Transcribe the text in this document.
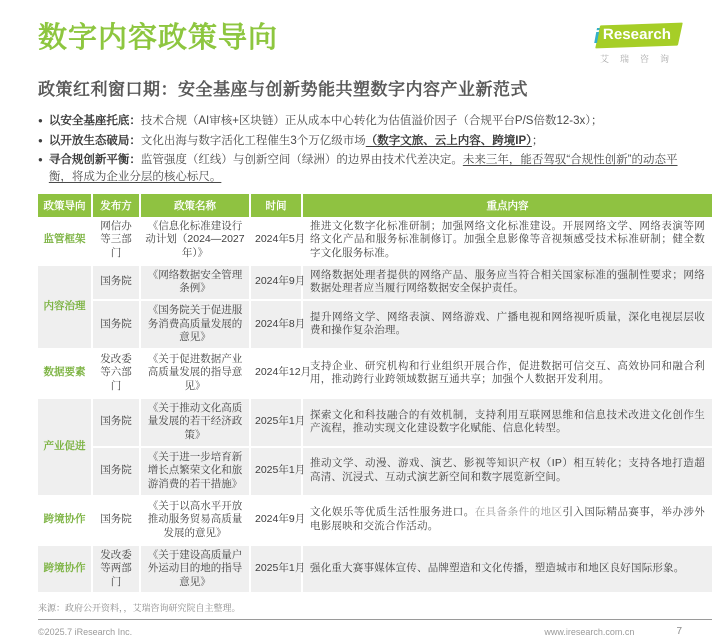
数字内容政策导向	i Research
艾瑞咨询
政策红利窗口期：安全基座与创新势能共塑数字内容产业新范式
● 以安全基座托底：技术合规（AI审核+区块链）正从成本中心转化为估值溢价因子（合规平台P/S倍数12-3x）；
● 以开放生态破局：文化出海与数字活化工程催生3个万亿级市场（数字文旅、云上内容、跨境IP）；
● 寻合规创新平衡：监管强度（红线）与创新空间（绿洲）的边界由技术代差决定。未来三年，能否驾驭“合规性创新”的动态平衡，将成为企业分层的核心标尺。
政策导向	发布方	政策名称	时间	重点内容
监管框架	网信办等三部门	《信息化标准建设行动计划（2024—2027年）》	2024年5月	推进文化数字化标准研制；加强网络文化标准建设。开展网络文学、网络表演等网络文化产品和服务标准制修订。加强全息影像等音视频感受技术标准研制；健全数字文化服务标准。
内容治理	国务院	《网络数据安全管理条例》	2024年9月	网络数据处理者提供的网络产品、服务应当符合相关国家标准的强制性要求；网络数据处理者应当履行网络数据安全保护责任。
	国务院	《国务院关于促进服务消费高质量发展的意见》	2024年8月	提升网络文学、网络表演、网络游戏、广播电视和网络视听质量，深化电视层层收费和操作复杂治理。
数据要素	发改委等六部门	《关于促进数据产业高质量发展的指导意见》	2024年12月	支持企业、研究机构和行业组织开展合作，促进数据可信交互、高效协同和融合利用，推动跨行业跨领域数据互通共享；加强个人数据开发利用。
产业促进	国务院	《关于推动文化高质量发展的若干经济政策》	2025年1月	探索文化和科技融合的有效机制，支持利用互联网思维和信息技术改进文化创作生产流程，推动实现文化建设数字化赋能、信息化转型。
	国务院	《关于进一步培育新增长点繁荣文化和旅游消费的若干措施》	2025年1月	推动文学、动漫、游戏、演艺、影视等知识产权（IP）相互转化；支持各地打造超高清、沉浸式、互动式演艺新空间和数字展览新空间。
跨境协作	国务院	《关于以高水平开放推动服务贸易高质量发展的意见》	2024年9月	文化娱乐等优质生活性服务进口。在具备条件的地区引入国际精品赛事，举办涉外电影展映和交流合作活动。
跨境协作	发改委等两部门	《关于建设高质量户外运动目的地的指导意见》	2025年1月	强化重大赛事媒体宣传、品牌塑造和文化传播，塑造城市和地区良好国际形象。
来源：政府公开资料，，艾瑞咨询研究院自主整理。
©2025.7 iResearch Inc.	www.iresearch.com.cn	7
